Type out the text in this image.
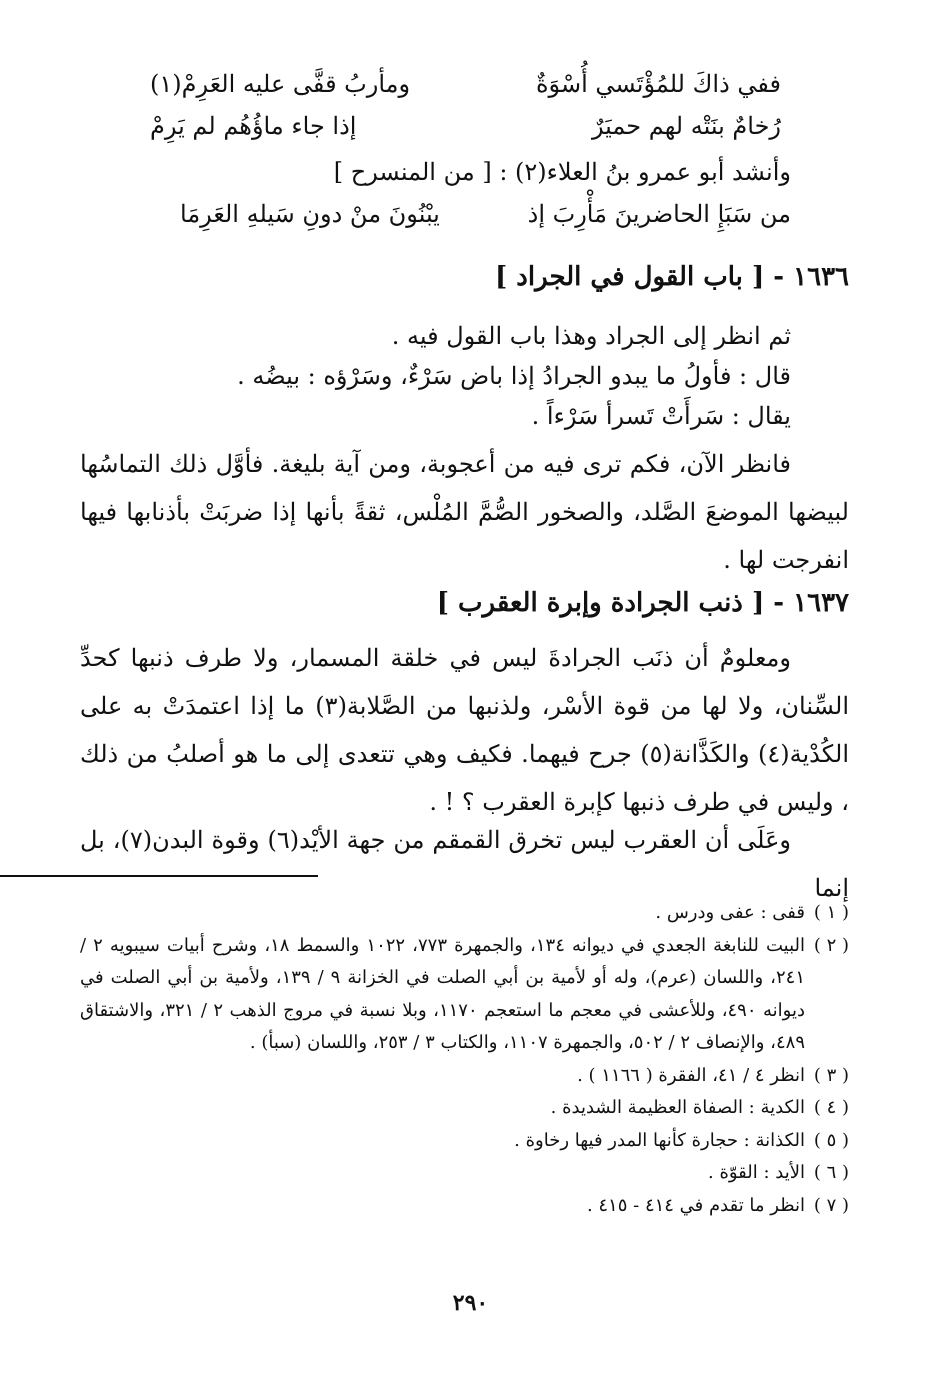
ففي ذاكَ للمُؤْتَسي أُسْوَةٌ
ومأربُ قفَّى عليه العَرِمْ(١)
رُخامٌ بنَتْه لهم حميَرٌ
إذا جاء ماؤُهُم لم يَرِمْ
وأنشد أبو عمرو بنُ العلاء(٢) : [ من المنسرح ]
من سَبَإِ الحاضرينَ مَأْرِبَ إذ
يبْنُونَ منْ دونِ سَيلهِ العَرِمَا
١٦٣٦ - [ باب القول في الجراد ]
ثم انظر إلى الجراد وهذا باب القول فيه .
قال : فأولُ ما يبدو الجرادُ إذا باض سَرْءٌ، وسَرْؤه : بيضُه .
يقال : سَرأَتْ تَسرأ سَرْءاً .
فانظر الآن، فكم ترى فيه من أعجوبة، ومن آية بليغة. فأوَّل ذلك التماسُها لبيضها الموضعَ الصَّلد، والصخور الصُّمَّ المُلْس، ثقةً بأنها إذا ضربَتْ بأذنابها فيها انفرجت لها .
١٦٣٧ - [ ذنب الجرادة وإبرة العقرب ]
ومعلومٌ أن ذنَب الجرادةَ ليس في خلقة المسمار، ولا طرف ذنبها كحدِّ السِّنان، ولا لها من قوة الأسْر، ولذنبها من الصَّلابة(٣) ما إذا اعتمدَتْ به على الكُدْية(٤) والكَذَّانة(٥) جرح فيهما. فكيف وهي تتعدى إلى ما هو أصلبُ من ذلك ، وليس في طرف ذنبها كإبرة العقرب ؟ ! .
وعَلَى أن العقرب ليس تخرق القمقم من جهة الأيْد(٦) وقوة البدن(٧)، بل إنما
( ١ )
قفى : عفى ودرس .
( ٢ )
البيت للنابغة الجعدي في ديوانه ١٣٤، والجمهرة ٧٧٣، ١٠٢٢ والسمط ١٨، وشرح أبيات سيبويه ٢ / ٢٤١، واللسان (عرم)، وله أو لأمية بن أبي الصلت في الخزانة ٩ / ١٣٩، ولأمية بن أبي الصلت في ديوانه ٤٩٠، وللأعشى في معجم ما استعجم ١١٧٠، وبلا نسبة في مروج الذهب ٢ / ٣٢١، والاشتقاق ٤٨٩، والإنصاف ٢ / ٥٠٢، والجمهرة ١١٠٧، والكتاب ٣ / ٢٥٣، واللسان (سبأ) .
( ٣ )
انظر ٤ / ٤١، الفقرة ( ١١٦٦ ) .
( ٤ )
الكدية : الصفاة العظيمة الشديدة .
( ٥ )
الكذانة : حجارة كأنها المدر فيها رخاوة .
( ٦ )
الأيد : القوّة .
( ٧ )
انظر ما تقدم في ٤١٤ - ٤١٥ .
٢٩٠
